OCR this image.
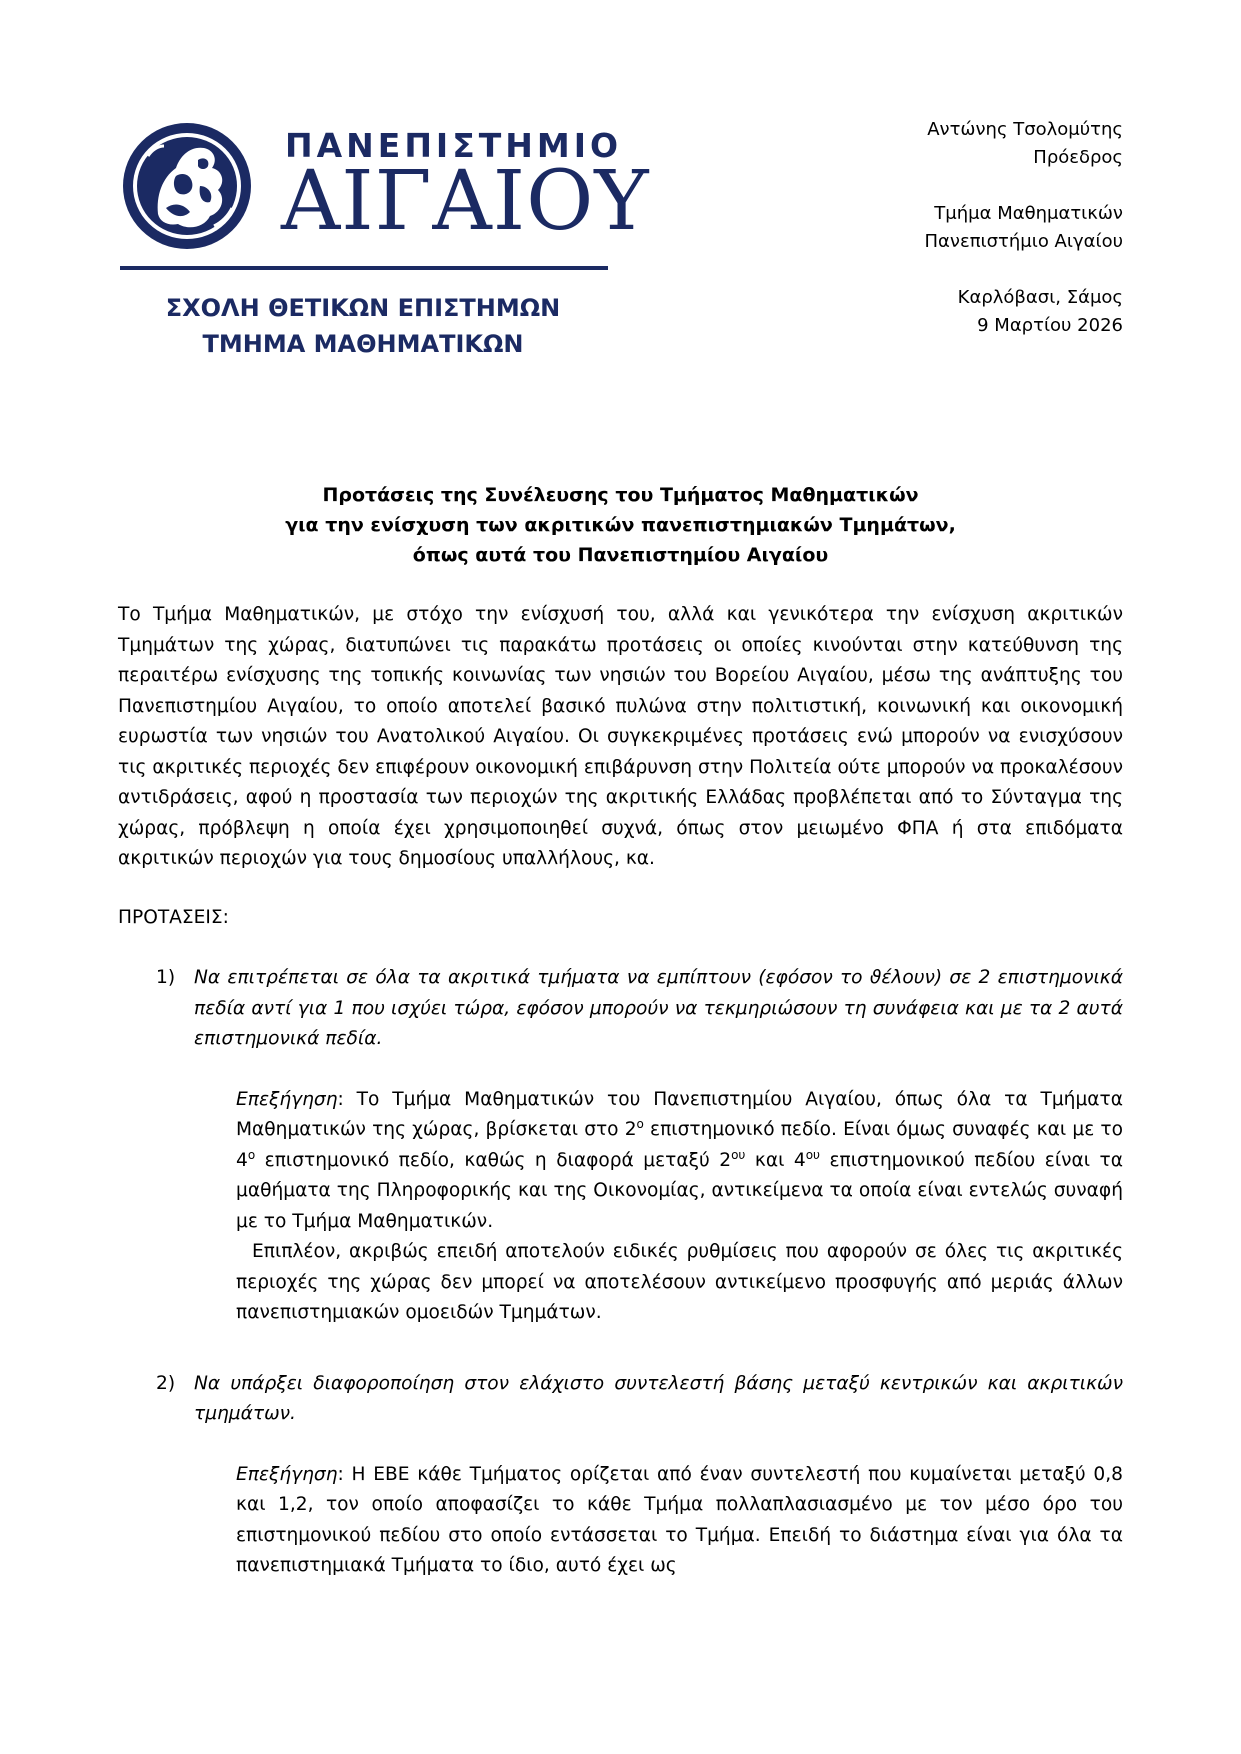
ΠΑΝΕΠΙΣΤΗΜΙΟ
ΑΙΓΑΙΟΥ
ΣΧΟΛΗ ΘΕΤΙΚΩΝ ΕΠΙΣΤΗΜΩΝ
ΤΜΗΜΑ ΜΑΘΗΜΑΤΙΚΩΝ
Αντώνης Τσολομύτης
Πρόεδρος
Τμήμα Μαθηματικών
Πανεπιστήμιο Αιγαίου
Καρλόβασι, Σάμος
9 Μαρτίου 2026
Προτάσεις της Συνέλευσης του Τμήματος Μαθηματικών
για την ενίσχυση των ακριτικών πανεπιστημιακών Τμημάτων,
όπως αυτά του Πανεπιστημίου Αιγαίου

Το Τμήμα Μαθηματικών, με στόχο την ενίσχυσή του, αλλά και γενικότερα την ενίσχυση ακριτικών Τμημάτων της χώρας, διατυπώνει τις παρακάτω προτάσεις οι οποίες κινούνται στην κατεύθυνση της περαιτέρω ενίσχυσης της τοπικής κοινωνίας των νησιών του Βορείου Αιγαίου, μέσω της ανάπτυξης του Πανεπιστημίου Αιγαίου, το οποίο αποτελεί βασικό πυλώνα στην πολιτιστική, κοινωνική και οικονομική ευρωστία των νησιών του Ανατολικού Αιγαίου. Οι συγκεκριμένες προτάσεις ενώ μπορούν να ενισχύσουν τις ακριτικές περιοχές δεν επιφέρουν οικονομική επιβάρυνση στην Πολιτεία ούτε μπορούν να προκαλέσουν αντιδράσεις, αφού η προστασία των περιοχών της ακριτικής Ελλάδας προβλέπεται από το Σύνταγμα της χώρας, πρόβλεψη η οποία έχει χρησιμοποιηθεί συχνά, όπως στον μειωμένο ΦΠΑ ή στα επιδόματα ακριτικών περιοχών για τους δημοσίους υπαλλήλους, κα.

ΠΡΟΤΑΣΕΙΣ:

1)	Να επιτρέπεται σε όλα τα ακριτικά τμήματα να εμπίπτουν (εφόσον το ϑέλουν) σε 2 επιστημονικά πεδία αντί για 1 που ισχύει τώρα, εφόσον μπορούν να τεκμηριώσουν τη συνάφεια και με τα 2 αυτά επιστημονικά πεδία.

Επεξήγηση: Το Τμήμα Μαθηματικών του Πανεπιστημίου Αιγαίου, όπως όλα τα Τμήματα Μαθηματικών της χώρας, βρίσκεται στο $2^o$ επιστημονικό πεδίο. Είναι όμως συναφές και με το $4^o$ επιστημονικό πεδίο, καθώς η διαφορά μεταξύ $2^{o\upsilon}$ και $4^{o\upsilon}$ επιστημονικού πεδίου είναι τα μαθήματα της Πληροφορικής και της Οικονομίας, αντικείμενα τα οποία είναι εντελώς συναφή με το Τμήμα Μαθηματικών.

Επιπλέον, ακριβώς επειδή αποτελούν ειδικές ρυθμίσεις που αφορούν σε όλες τις ακριτικές περιοχές της χώρας δεν μπορεί να αποτελέσουν αντικείμενο προσφυγής από μεριάς άλλων πανεπιστημιακών ομοειδών Τμημάτων.

2)	Να υπάρξει διαφοροποίηση στον ελάχιστο συντελεστή βάσης μεταξύ κεντρικών και ακριτικών τμημάτων.

Επεξήγηση: Η ΕΒΕ κάθε Τμήματος ορίζεται από έναν συντελεστή που κυμαίνεται μεταξύ 0,8 και 1,2, τον οποίο αποφασίζει το κάθε Τμήμα πολλαπλασιασμένο με τον μέσο όρο του επιστημονικού πεδίου στο οποίο εντάσσεται το Τμήμα. Επειδή το διάστημα είναι για όλα τα πανεπιστημιακά Τμήματα το ίδιο, αυτό έχει ως
